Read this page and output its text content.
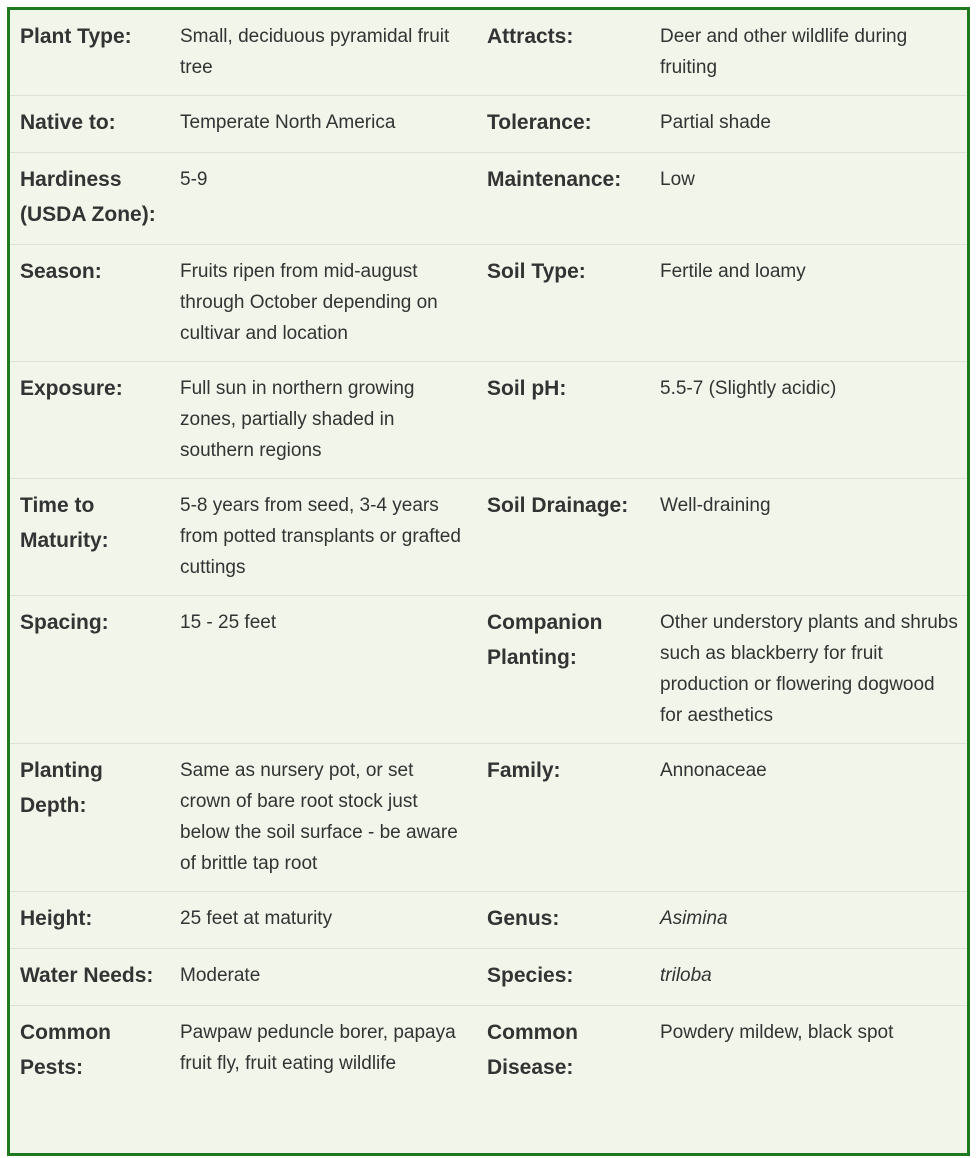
Plant Type:	Small, deciduous pyramidal fruit tree	Attracts:	Deer and other wildlife during fruiting
Native to:	Temperate North America	Tolerance:	Partial shade
Hardiness (USDA Zone):	5-9	Maintenance:	Low
Season:	Fruits ripen from mid-august through October depending on cultivar and location	Soil Type:	Fertile and loamy
Exposure:	Full sun in northern growing zones, partially shaded in southern regions	Soil pH:	5.5-7 (Slightly acidic)
Time to Maturity:	5-8 years from seed, 3-4 years from potted transplants or grafted cuttings	Soil Drainage:	Well-draining
Spacing:	15 - 25 feet	Companion Planting:	Other understory plants and shrubs such as blackberry for fruit production or flowering dogwood for aesthetics
Planting Depth:	Same as nursery pot, or set crown of bare root stock just below the soil surface - be aware of brittle tap root	Family:	Annonaceae
Height:	25 feet at maturity	Genus:	Asimina
Water Needs:	Moderate	Species:	triloba
Common Pests:	Pawpaw peduncle borer, papaya fruit fly, fruit eating wildlife	Common Disease:	Powdery mildew, black spot
